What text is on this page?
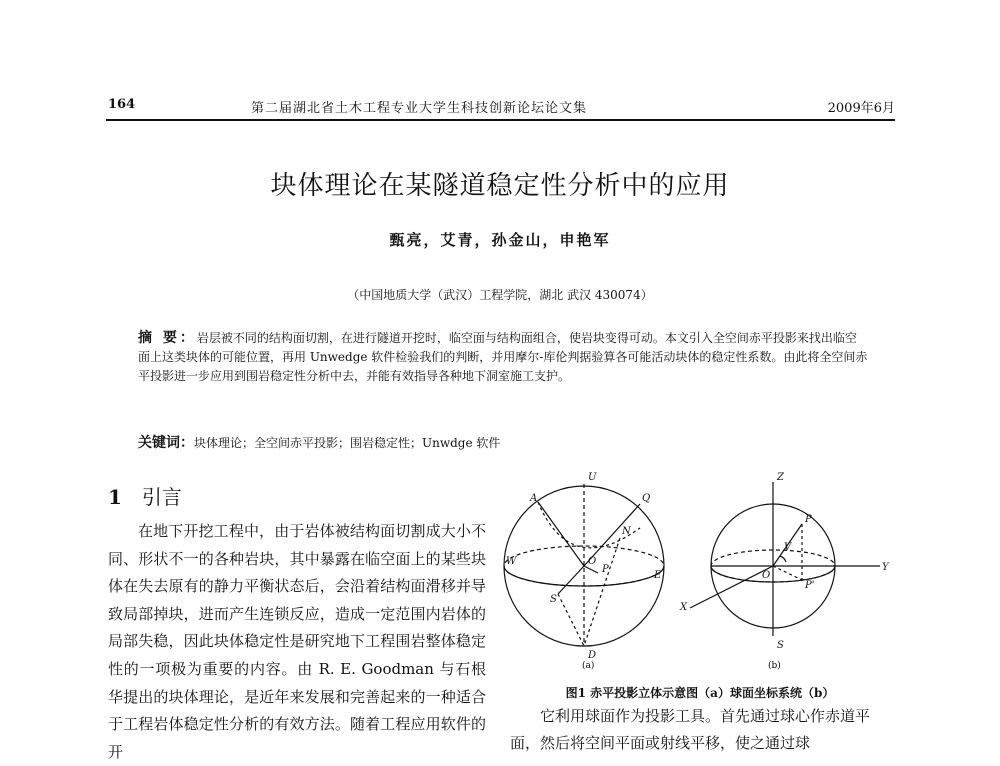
164	第二届湖北省土木工程专业大学生科技创新论坛论文集	2009年6月
块体理论在某隧道稳定性分析中的应用
甄亮，艾青，孙金山，申艳军
（中国地质大学（武汉）工程学院，湖北 武汉 430074）
摘 要：岩层被不同的结构面切割，在进行隧道开挖时，临空面与结构面组合，使岩块变得可动。本文引入全空间赤平投影来找出临空面上这类块体的可能位置，再用 Unwedge 软件检验我们的判断，并用摩尔-库伦判据验算各可能活动块体的稳定性系数。由此将全空间赤平投影进一步应用到围岩稳定性分析中去，并能有效指导各种地下洞室施工支护。
关键词：块体理论；全空间赤平投影；围岩稳定性；Unwdge 软件
1 引言

在地下开挖工程中，由于岩体被结构面切割成大小不同、形状不一的各种岩块，其中暴露在临空面上的某些块体在失去原有的静力平衡状态后，会沿着结构面滑移并导致局部掉块，进而产生连锁反应，造成一定范围内岩体的局部失稳，因此块体稳定性是研究地下工程围岩整体稳定性的一项极为重要的内容。由 R. E. Goodman 与石根华提出的块体理论，是近年来发展和完善起来的一种适合于工程岩体稳定性分析的有效方法。随着工程应用软件的开

U
A	Q
N
W	O
P
E
S
D
Z
Y
X
P
V
O
P'
S
(a)	(b)
图1 赤平投影立体示意图（a）球面坐标系统（b）

它利用球面作为投影工具。首先通过球心作赤道平面，然后将空间平面或射线平移，使之通过球
